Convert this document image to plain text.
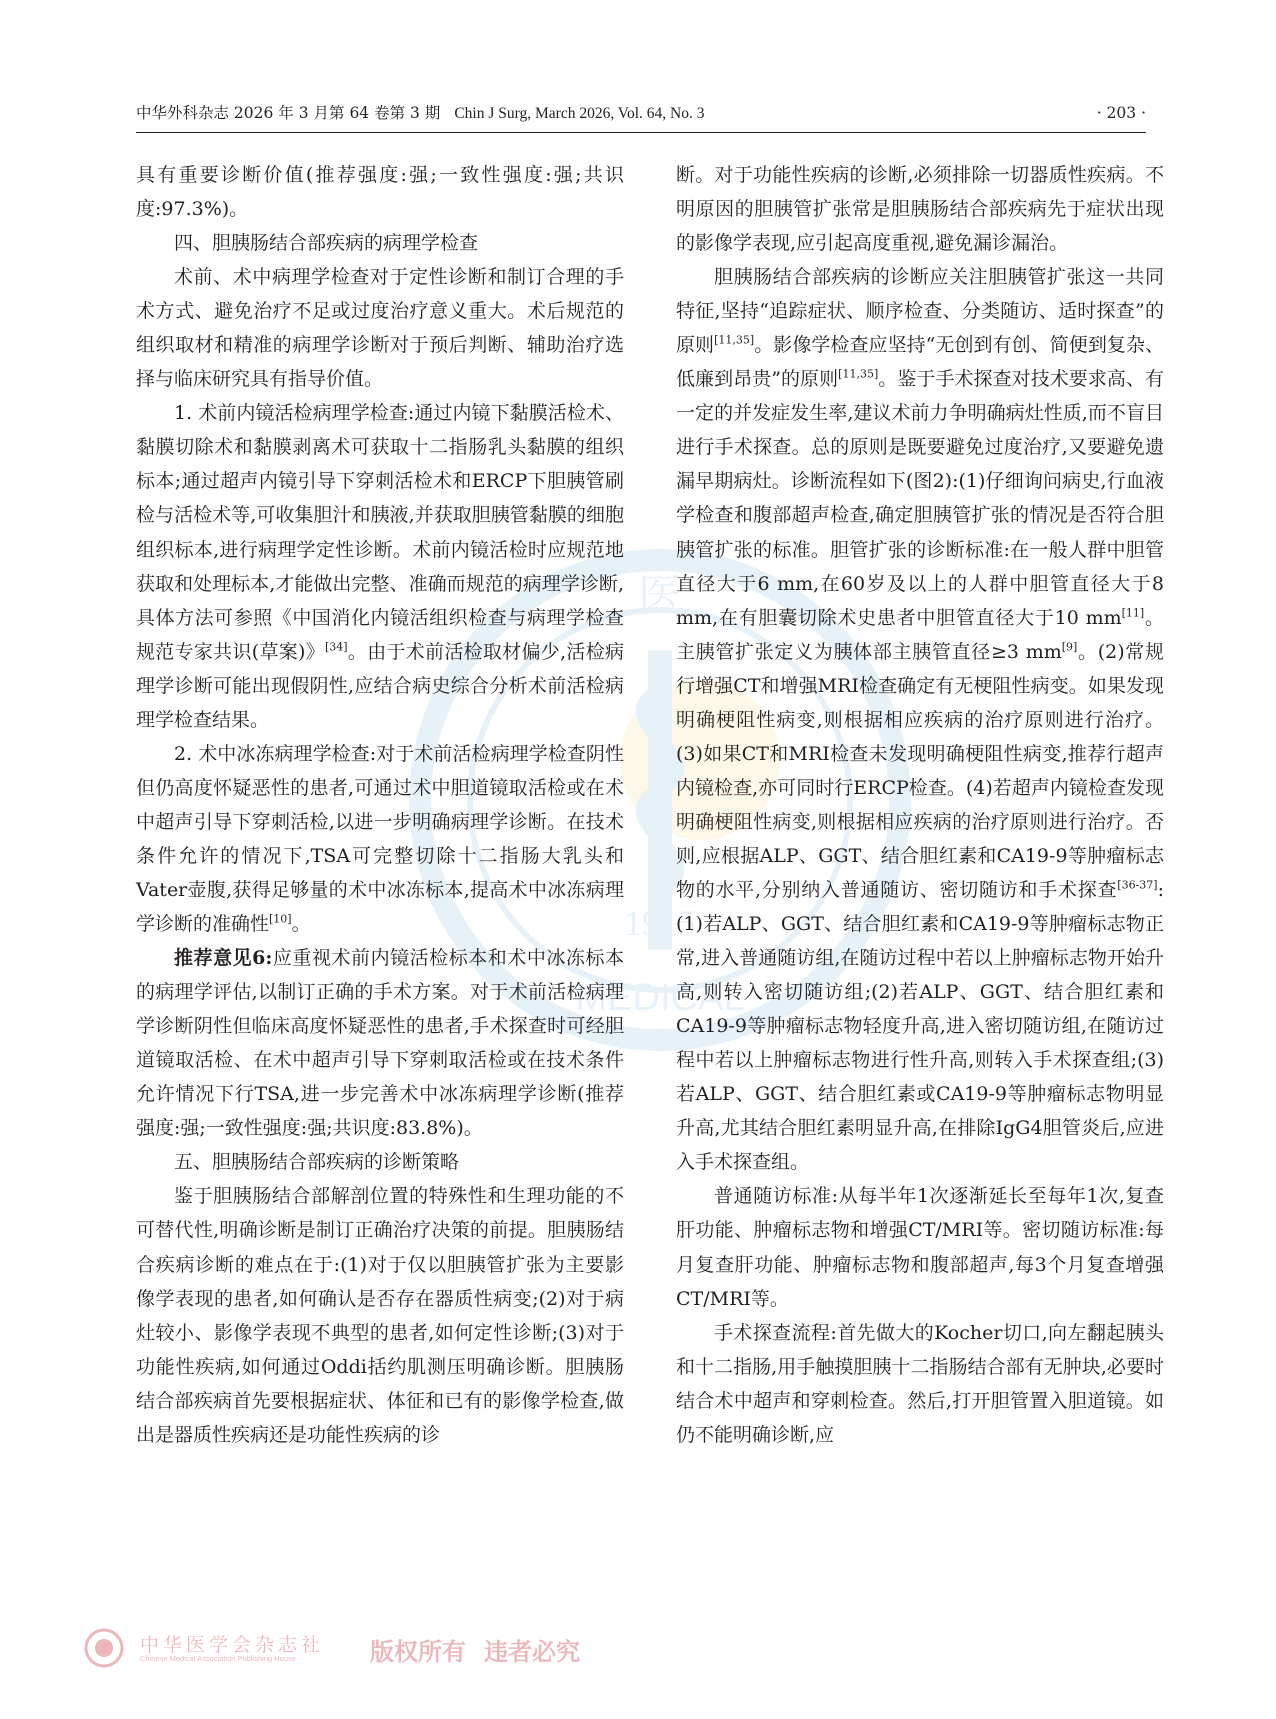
中华外科杂志 2026 年 3 月第 64 卷第 3 期 Chin J Surg, March 2026, Vol. 64, No. 3	· 203 ·
医
1915
MEDICAL

具有重要诊断价值(推荐强度:强;一致性强度:强;共识度:97.3%)。

四、胆胰肠结合部疾病的病理学检查

术前、术中病理学检查对于定性诊断和制订合理的手术方式、避免治疗不足或过度治疗意义重大。术后规范的组织取材和精准的病理学诊断对于预后判断、辅助治疗选择与临床研究具有指导价值。

1. 术前内镜活检病理学检查:通过内镜下黏膜活检术、黏膜切除术和黏膜剥离术可获取十二指肠乳头黏膜的组织标本;通过超声内镜引导下穿刺活检术和ERCP下胆胰管刷检与活检术等,可收集胆汁和胰液,并获取胆胰管黏膜的细胞组织标本,进行病理学定性诊断。术前内镜活检时应规范地获取和处理标本,才能做出完整、准确而规范的病理学诊断,具体方法可参照《中国消化内镜活组织检查与病理学检查规范专家共识(草案)》[34]。由于术前活检取材偏少,活检病理学诊断可能出现假阴性,应结合病史综合分析术前活检病理学检查结果。

2. 术中冰冻病理学检查:对于术前活检病理学检查阴性但仍高度怀疑恶性的患者,可通过术中胆道镜取活检或在术中超声引导下穿刺活检,以进一步明确病理学诊断。在技术条件允许的情况下,TSA可完整切除十二指肠大乳头和Vater壶腹,获得足够量的术中冰冻标本,提高术中冰冻病理学诊断的准确性[10]。

推荐意见6:应重视术前内镜活检标本和术中冰冻标本的病理学评估,以制订正确的手术方案。对于术前活检病理学诊断阴性但临床高度怀疑恶性的患者,手术探查时可经胆道镜取活检、在术中超声引导下穿刺取活检或在技术条件允许情况下行TSA,进一步完善术中冰冻病理学诊断(推荐强度:强;一致性强度:强;共识度:83.8%)。

五、胆胰肠结合部疾病的诊断策略

鉴于胆胰肠结合部解剖位置的特殊性和生理功能的不可替代性,明确诊断是制订正确治疗决策的前提。胆胰肠结合疾病诊断的难点在于:(1)对于仅以胆胰管扩张为主要影像学表现的患者,如何确认是否存在器质性病变;(2)对于病灶较小、影像学表现不典型的患者,如何定性诊断;(3)对于功能性疾病,如何通过Oddi括约肌测压明确诊断。胆胰肠结合部疾病首先要根据症状、体征和已有的影像学检查,做出是器质性疾病还是功能性疾病的诊

断。对于功能性疾病的诊断,必须排除一切器质性疾病。不明原因的胆胰管扩张常是胆胰肠结合部疾病先于症状出现的影像学表现,应引起高度重视,避免漏诊漏治。

胆胰肠结合部疾病的诊断应关注胆胰管扩张这一共同特征,坚持“追踪症状、顺序检查、分类随访、适时探查”的原则[11,35]。影像学检查应坚持“无创到有创、简便到复杂、低廉到昂贵”的原则[11,35]。鉴于手术探查对技术要求高、有一定的并发症发生率,建议术前力争明确病灶性质,而不盲目进行手术探查。总的原则是既要避免过度治疗,又要避免遗漏早期病灶。诊断流程如下(图2):(1)仔细询问病史,行血液学检查和腹部超声检查,确定胆胰管扩张的情况是否符合胆胰管扩张的标准。胆管扩张的诊断标准:在一般人群中胆管直径大于6 mm,在60岁及以上的人群中胆管直径大于8 mm,在有胆囊切除术史患者中胆管直径大于10 mm[11]。主胰管扩张定义为胰体部主胰管直径≥3 mm[9]。(2)常规行增强CT和增强MRI检查确定有无梗阻性病变。如果发现明确梗阻性病变,则根据相应疾病的治疗原则进行治疗。(3)如果CT和MRI检查未发现明确梗阻性病变,推荐行超声内镜检查,亦可同时行ERCP检查。(4)若超声内镜检查发现明确梗阻性病变,则根据相应疾病的治疗原则进行治疗。否则,应根据ALP、GGT、结合胆红素和CA19-9等肿瘤标志物的水平,分别纳入普通随访、密切随访和手术探查[36-37]:(1)若ALP、GGT、结合胆红素和CA19-9等肿瘤标志物正常,进入普通随访组,在随访过程中若以上肿瘤标志物开始升高,则转入密切随访组;(2)若ALP、GGT、结合胆红素和CA19-9等肿瘤标志物轻度升高,进入密切随访组,在随访过程中若以上肿瘤标志物进行性升高,则转入手术探查组;(3)若ALP、GGT、结合胆红素或CA19-9等肿瘤标志物明显升高,尤其结合胆红素明显升高,在排除IgG4胆管炎后,应进入手术探查组。

普通随访标准:从每半年1次逐渐延长至每年1次,复查肝功能、肿瘤标志物和增强CT/MRI等。密切随访标准:每月复查肝功能、肿瘤标志物和腹部超声,每3个月复查增强CT/MRI等。

手术探查流程:首先做大的Kocher切口,向左翻起胰头和十二指肠,用手触摸胆胰十二指肠结合部有无肿块,必要时结合术中超声和穿刺检查。然后,打开胆管置入胆道镜。如仍不能明确诊断,应

中华医学会杂志社
Chinese Medical Association Publishing House	版权所有 违者必究
